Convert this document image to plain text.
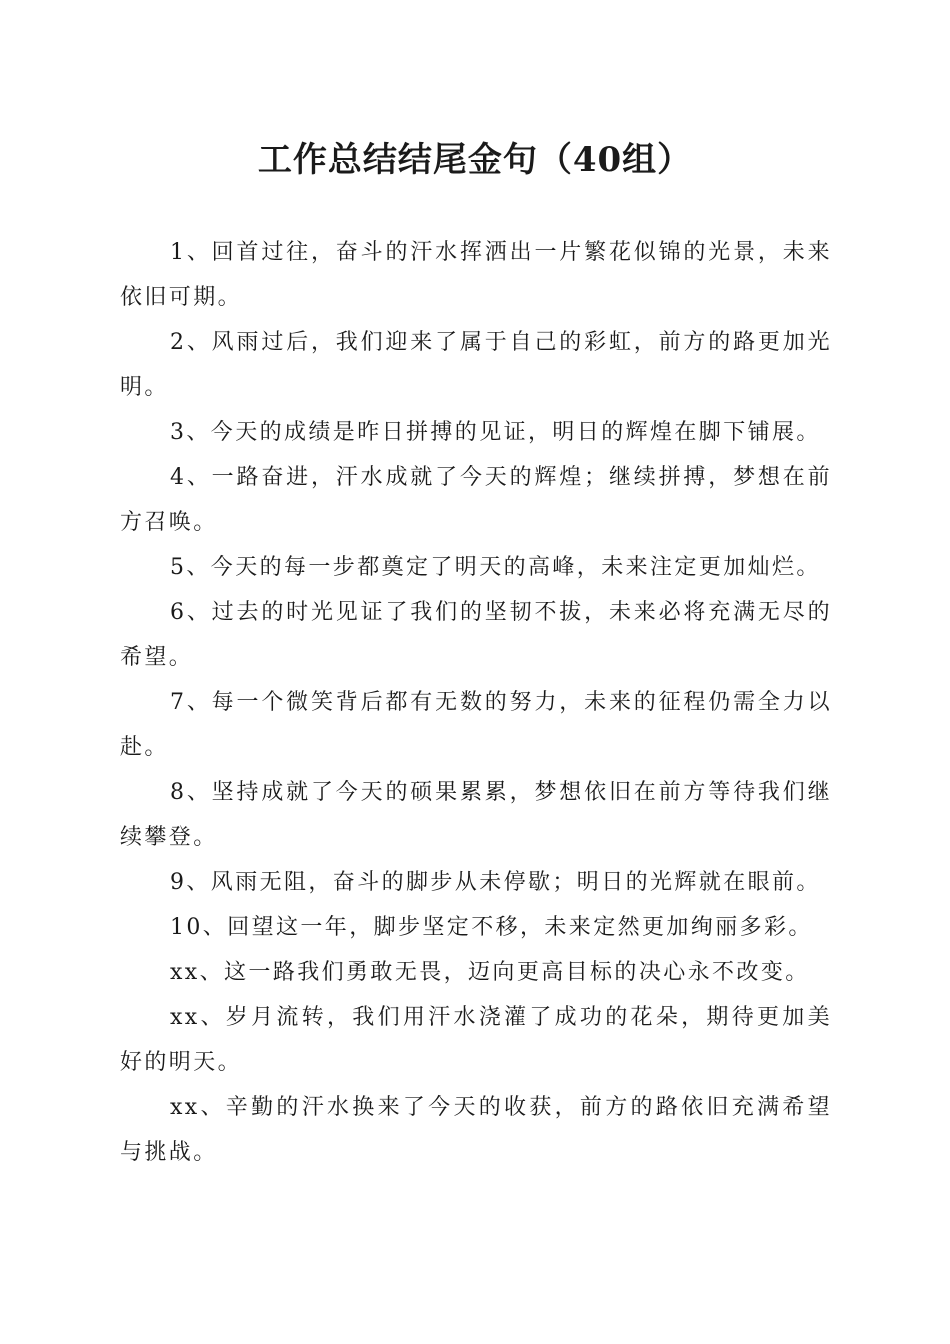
工作总结结尾金句（40组）

1、回首过往，奋斗的汗水挥洒出一片繁花似锦的光景，未来依旧可期。

2、风雨过后，我们迎来了属于自己的彩虹，前方的路更加光明。

3、今天的成绩是昨日拼搏的见证，明日的辉煌在脚下铺展。

4、一路奋进，汗水成就了今天的辉煌；继续拼搏，梦想在前方召唤。

5、今天的每一步都奠定了明天的高峰，未来注定更加灿烂。

6、过去的时光见证了我们的坚韧不拔，未来必将充满无尽的希望。

7、每一个微笑背后都有无数的努力，未来的征程仍需全力以赴。

8、坚持成就了今天的硕果累累，梦想依旧在前方等待我们继续攀登。

9、风雨无阻，奋斗的脚步从未停歇；明日的光辉就在眼前。

10、回望这一年，脚步坚定不移，未来定然更加绚丽多彩。

xx、这一路我们勇敢无畏，迈向更高目标的决心永不改变。

xx、岁月流转，我们用汗水浇灌了成功的花朵，期待更加美好的明天。

xx、辛勤的汗水换来了今天的收获，前方的路依旧充满希望与挑战。
